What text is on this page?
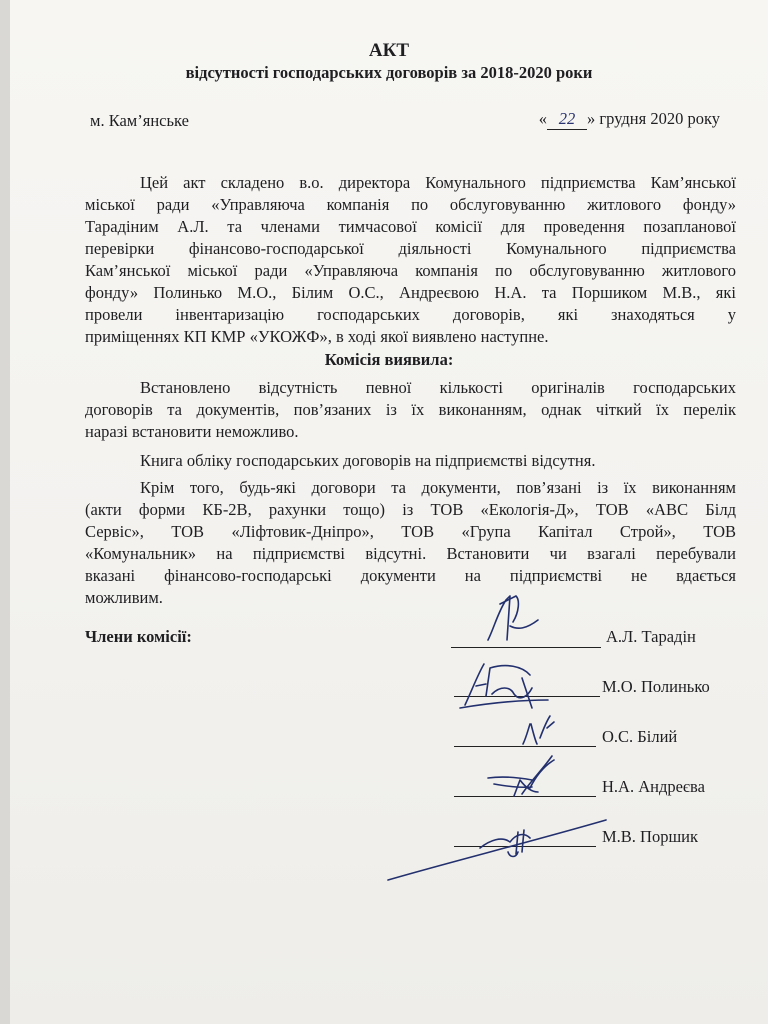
АКТ
відсутності господарських договорів за 2018-2020 роки
м. Кам’янське	« 22 » грудня 2020 року
Цей акт складено в.о. директора Комунального підприємства Кам’янської
міської ради «Управляюча компанія по обслуговуванню житлового фонду»
Тарадіним А.Л. та членами тимчасової комісії для проведення позапланової
перевірки фінансово-господарської діяльності Комунального підприємства
Кам’янської міської ради «Управляюча компанія по обслуговуванню житлового
фонду» Полинько М.О., Білим О.С., Андреєвою Н.А. та Поршиком М.В., які
провели інвентаризацію господарських договорів, які знаходяться у
приміщеннях КП КМР «УКОЖФ», в ході якої виявлено наступне.
Комісія виявила:
Встановлено відсутність певної кількості оригіналів господарських
договорів та документів, пов’язаних із їх виконанням, однак чіткий їх перелік
наразі встановити неможливо.
Книга обліку господарських договорів на підприємстві відсутня.
Крім того, будь-які договори та документи, пов’язані із їх виконанням
(акти форми КБ-2В, рахунки тощо) із ТОВ «Екологія-Д», ТОВ «АВС Білд
Сервіс», ТОВ «Ліфтовик-Дніпро», ТОВ «Група Капітал Строй», ТОВ
«Комунальник» на підприємстві відсутні. Встановити чи взагалі перебували
вказані фінансово-господарські документи на підприємстві не вдається
можливим.
Члени комісії:	А.Л. Тарадін
М.О. Полинько
О.С. Білий
Н.А. Андреєва
М.В. Поршик
